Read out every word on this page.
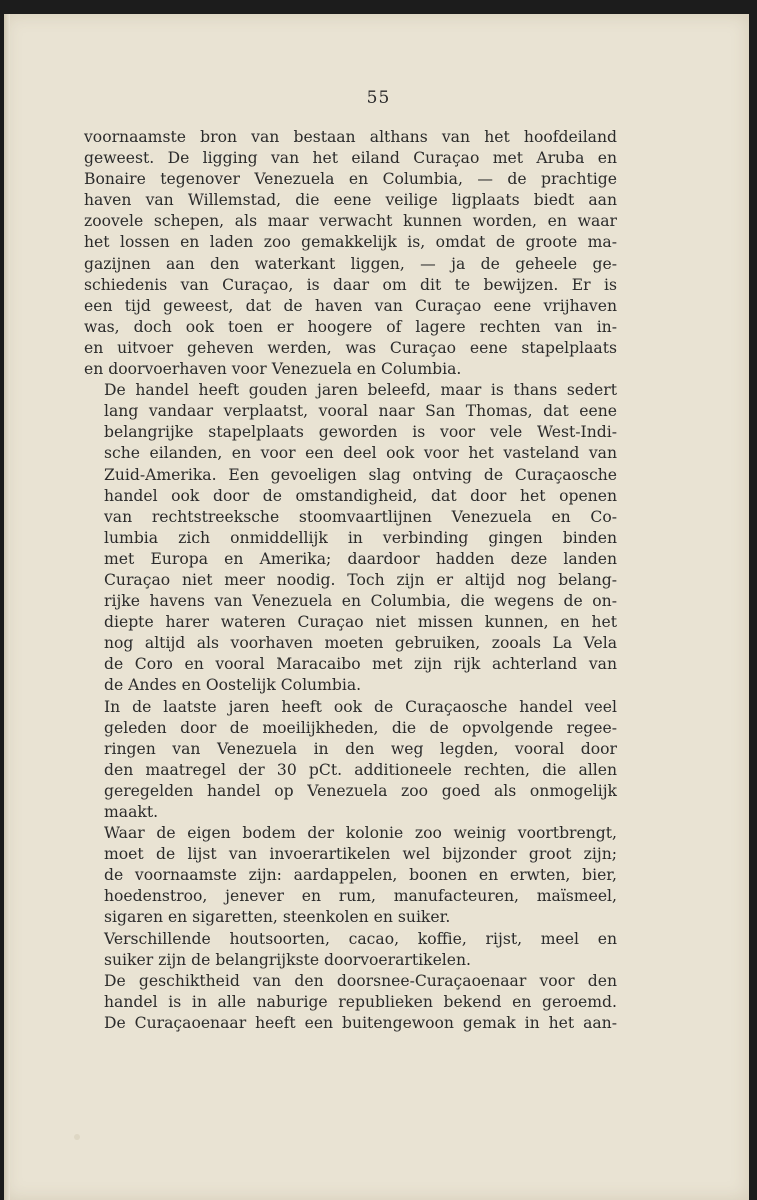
55
voornaamste bron van bestaan althans van het hoofdeiland
geweest. De ligging van het eiland Curaçao met Aruba en
Bonaire tegenover Venezuela en Columbia, — de prachtige
haven van Willemstad, die eene veilige ligplaats biedt aan
zoovele schepen, als maar verwacht kunnen worden, en waar
het lossen en laden zoo gemakkelijk is, omdat de groote ma-
gazijnen aan den waterkant liggen, — ja de geheele ge-
schiedenis van Curaçao, is daar om dit te bewijzen. Er is
een tijd geweest, dat de haven van Curaçao eene vrijhaven
was, doch ook toen er hoogere of lagere rechten van in-
en uitvoer geheven werden, was Curaçao eene stapelplaats
en doorvoerhaven voor Venezuela en Columbia.
De handel heeft gouden jaren beleefd, maar is thans sedert
lang vandaar verplaatst, vooral naar San Thomas, dat eene
belangrijke stapelplaats geworden is voor vele West-Indi-
sche eilanden, en voor een deel ook voor het vasteland van
Zuid-Amerika. Een gevoeligen slag ontving de Curaçaosche
handel ook door de omstandigheid, dat door het openen
van rechtstreeksche stoomvaartlijnen Venezuela en Co-
lumbia zich onmiddellijk in verbinding gingen binden
met Europa en Amerika; daardoor hadden deze landen
Curaçao niet meer noodig. Toch zijn er altijd nog belang-
rijke havens van Venezuela en Columbia, die wegens de on-
diepte harer wateren Curaçao niet missen kunnen, en het
nog altijd als voorhaven moeten gebruiken, zooals La Vela
de Coro en vooral Maracaibo met zijn rijk achterland van
de Andes en Oostelijk Columbia.
In de laatste jaren heeft ook de Curaçaosche handel veel
geleden door de moeilijkheden, die de opvolgende regee-
ringen van Venezuela in den weg legden, vooral door
den maatregel der 30 pCt. additioneele rechten, die allen
geregelden handel op Venezuela zoo goed als onmogelijk
maakt.
Waar de eigen bodem der kolonie zoo weinig voortbrengt,
moet de lijst van invoerartikelen wel bijzonder groot zijn;
de voornaamste zijn: aardappelen, boonen en erwten, bier,
hoedenstroo, jenever en rum, manufacteuren, maïsmeel,
sigaren en sigaretten, steenkolen en suiker.
Verschillende houtsoorten, cacao, koffie, rijst, meel en
suiker zijn de belangrijkste doorvoerartikelen.
De geschiktheid van den doorsnee-Curaçaoenaar voor den
handel is in alle naburige republieken bekend en geroemd.
De Curaçaoenaar heeft een buitengewoon gemak in het aan-
